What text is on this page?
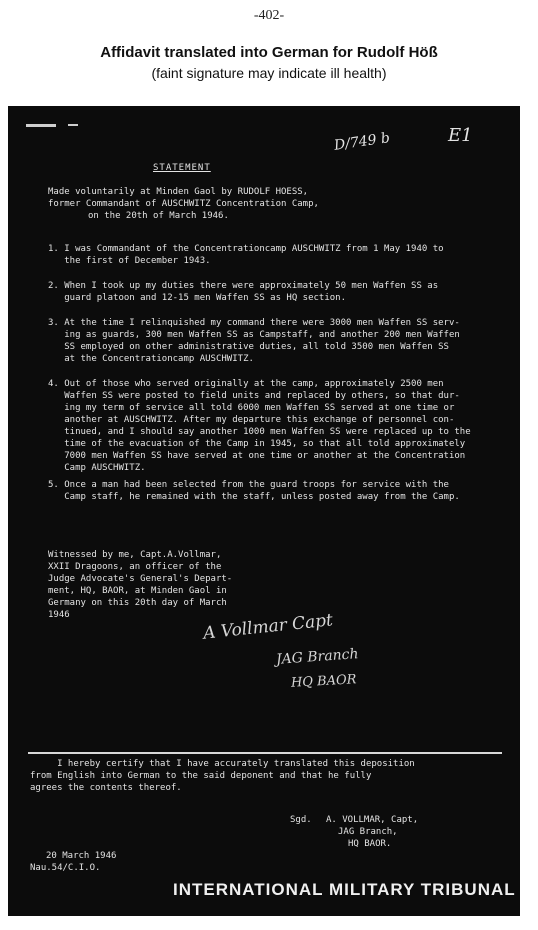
-402-
Affidavit translated into German for Rudolf Höß
(faint signature may indicate ill health)
D/749 b	E1
STATEMENT
Made voluntarily at Minden Gaol by RUDOLF HOESS,
former Commandant of AUSCHWITZ Concentration Camp,
on the 20th of March 1946.
1. I was Commandant of the Concentrationcamp AUSCHWITZ from 1 May 1940 to
the first of December 1943.
2. When I took up my duties there were approximately 50 men Waffen SS as
guard platoon and 12-15 men Waffen SS as HQ section.
3. At the time I relinquished my command there were 3000 men Waffen SS serv-
ing as guards, 300 men Waffen SS as Campstaff, and another 200 men Waffen
SS employed on other administrative duties, all told 3500 men Waffen SS
at the Concentrationcamp AUSCHWITZ.
4. Out of those who served originally at the camp, approximately 2500 men
Waffen SS were posted to field units and replaced by others, so that dur-
ing my term of service all told 6000 men Waffen SS served at one time or
another at AUSCHWITZ. After my departure this exchange of personnel con-
tinued, and I should say another 1000 men Waffen SS were replaced up to the
time of the evacuation of the Camp in 1945, so that all told approximately
7000 men Waffen SS have served at one time or another at the Concentration
Camp AUSCHWITZ.
5. Once a man had been selected from the guard troops for service with the
Camp staff, he remained with the staff, unless posted away from the Camp.
Witnessed by me, Capt.A.Vollmar,
XXII Dragoons, an officer of the
Judge Advocate's General's Depart-
ment, HQ, BAOR, at Minden Gaol in
Germany on this 20th day of March
1946	A Vollmar Capt
JAG Branch
HQ BAOR
I hereby certify that I have accurately translated this deposition
from English into German to the said deponent and that he fully
agrees the contents thereof.
Sgd. A. VOLLMAR, Capt,
JAG Branch,
HQ BAOR.
20 March 1946
Nau.54/C.I.O.
INTERNATIONAL MILITARY TRIBUNAL
